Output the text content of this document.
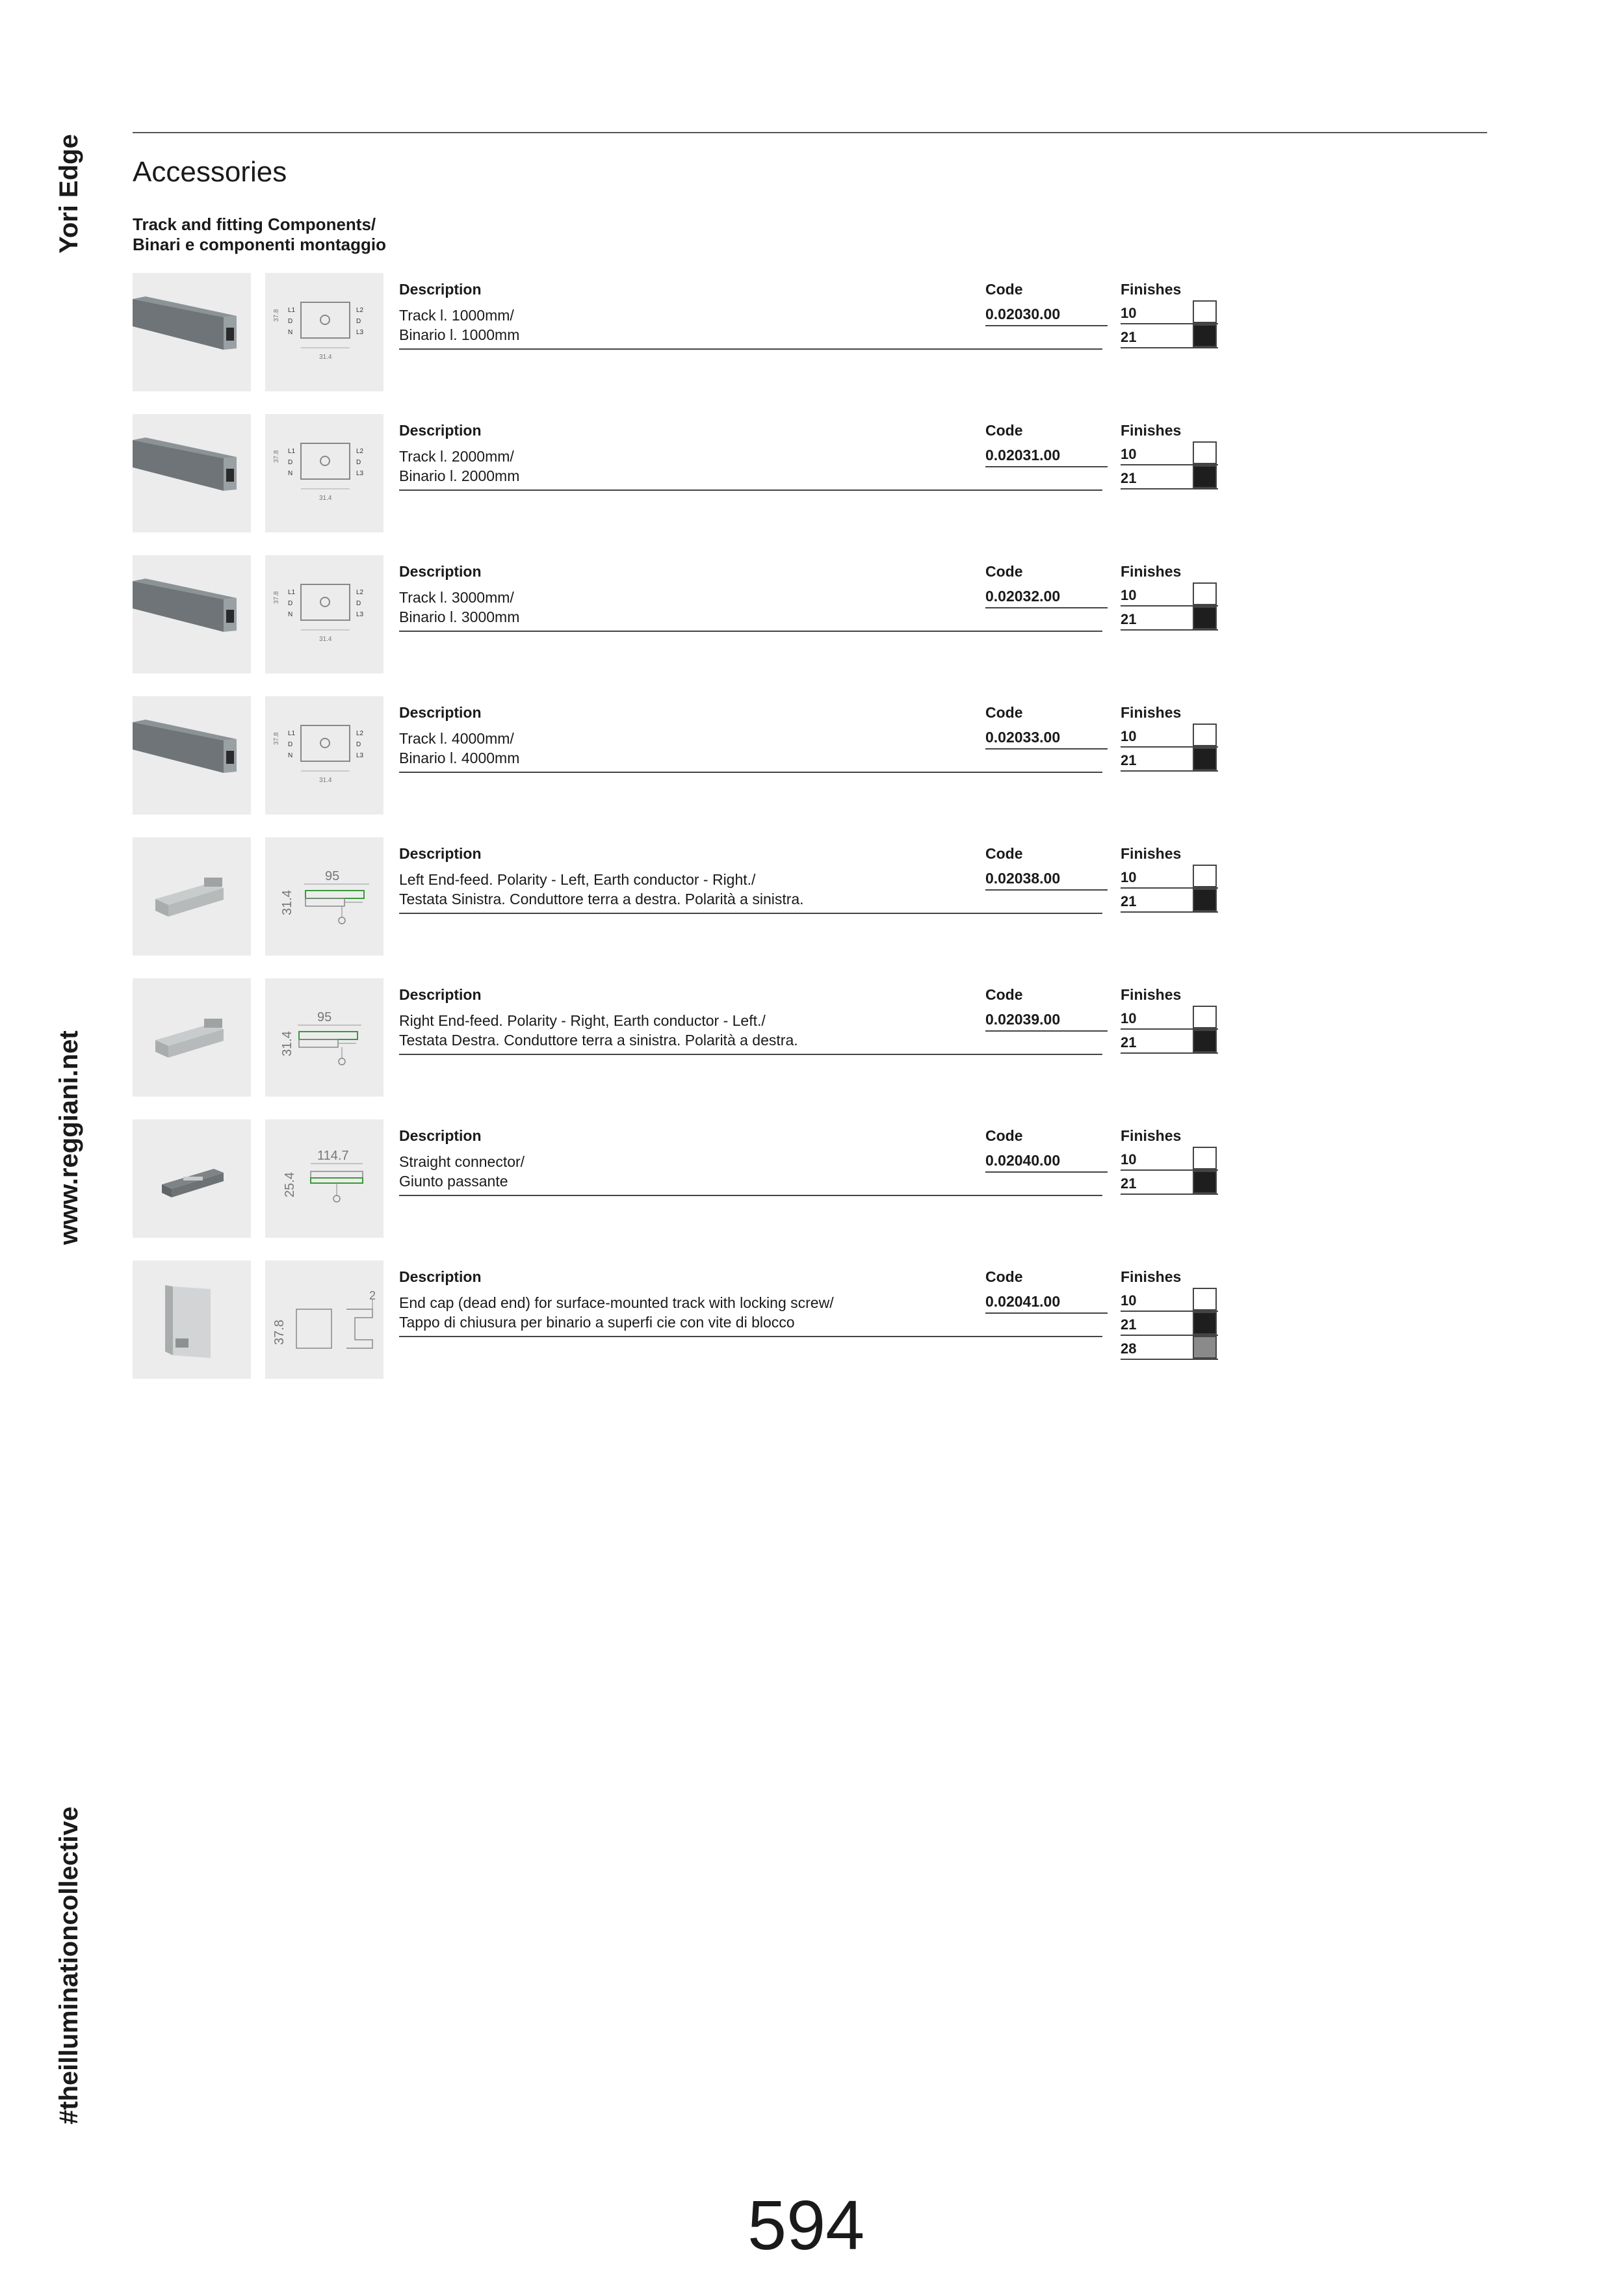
Yori Edge
www.reggiani.net
#theilluminationcollective
Accessories
Track and fitting Components/
Binari e componenti montaggio
37.8 L1
D
N
L2
D
L3
31.4
Description
Track l. 1000mm/
Binario l. 1000mm
Code
0.02030.00
Finishes
10
21
37.8 L1
D
N
L2
D
L3
31.4
Description
Track l. 2000mm/
Binario l. 2000mm
Code
0.02031.00
Finishes
10
21
37.8 L1
D
N
L2
D
L3
31.4
Description
Track l. 3000mm/
Binario l. 3000mm
Code
0.02032.00
Finishes
10
21
37.8 L1
D
N
L2
D
L3
31.4
Description
Track l. 4000mm/
Binario l. 4000mm
Code
0.02033.00
Finishes
10
21
95
31.4
Description
Left End-feed. Polarity - Left, Earth conductor - Right./
Testata Sinistra. Conduttore terra a destra. Polarità a sinistra.
Code
0.02038.00
Finishes
10
21
95
31.4
Description
Right End-feed. Polarity - Right, Earth conductor - Left./
Testata Destra. Conduttore terra a sinistra. Polarità a destra.
Code
0.02039.00
Finishes
10
21
114.7
25.4
Description
Straight connector/
Giunto passante
Code
0.02040.00
Finishes
10
21
2
37.8
Description
End cap (dead end) for surface-mounted track with locking screw/
Tappo di chiusura per binario a superfi cie con vite di blocco
Code
0.02041.00
Finishes
10
21
28
594
